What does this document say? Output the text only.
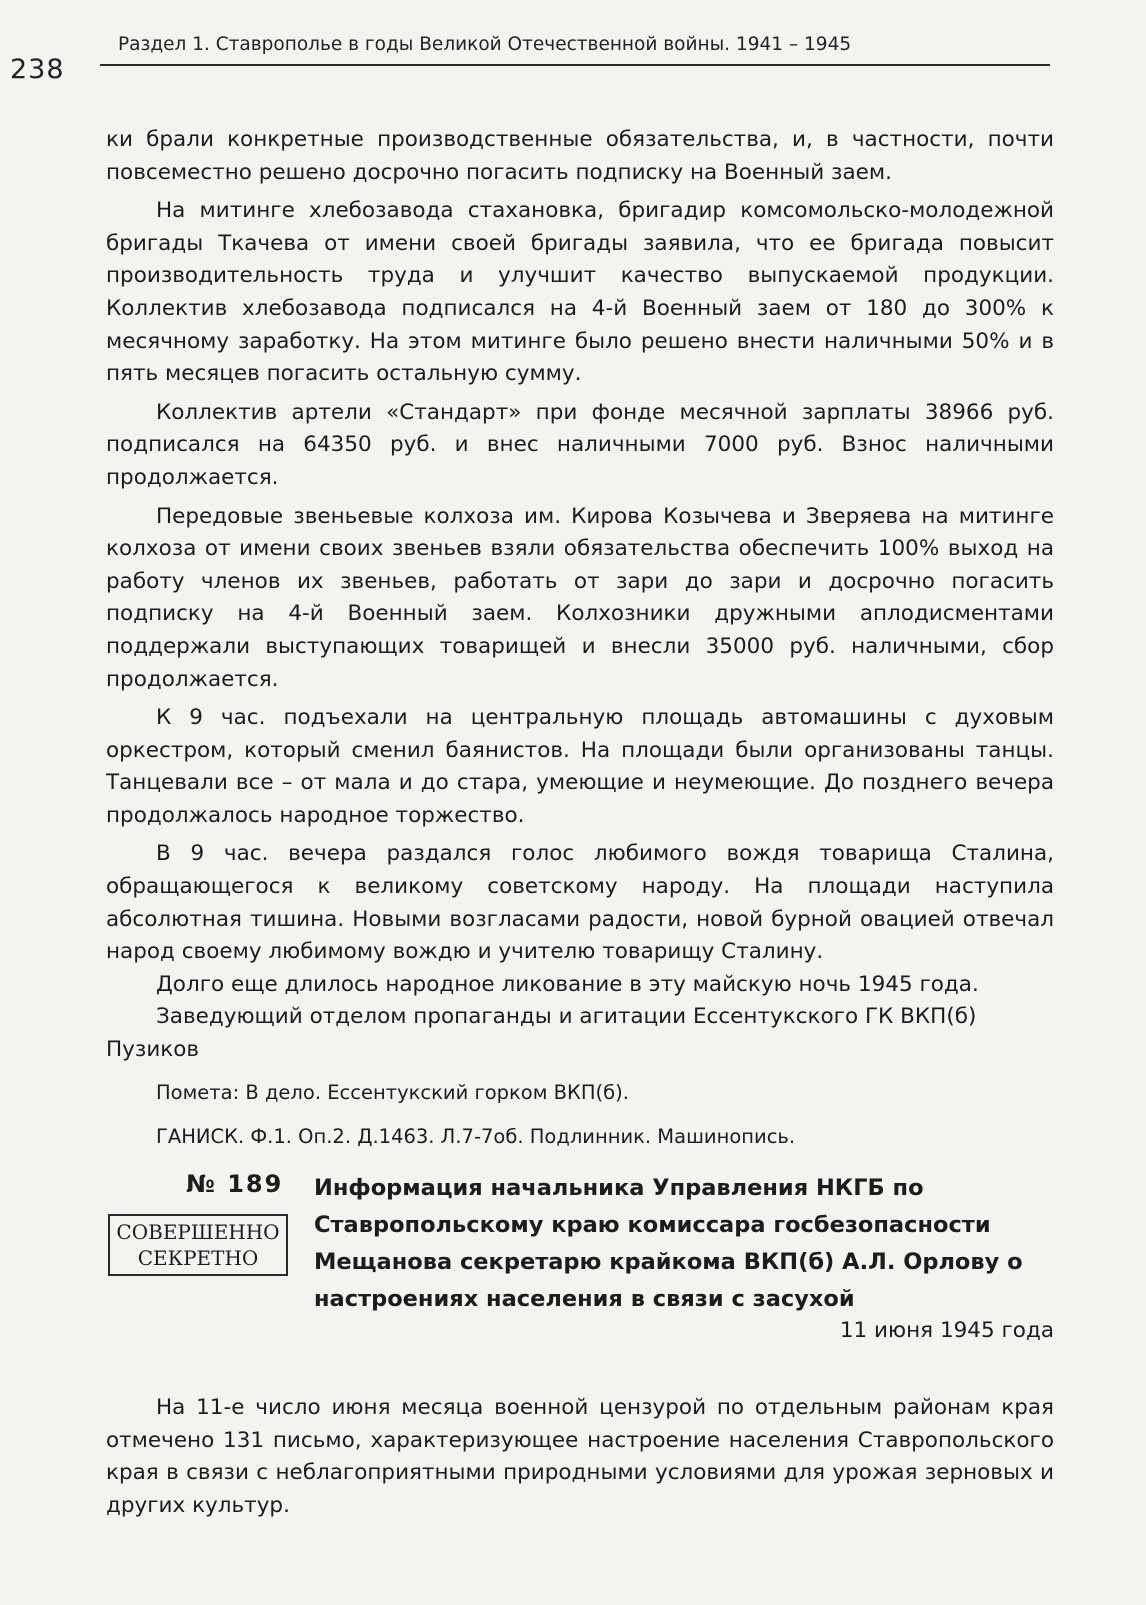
238
Раздел 1. Ставрополье в годы Великой Отечественной войны. 1941 – 1945

ки брали конкретные производственные обязательства, и, в частности, почти повсеместно решено досрочно погасить подписку на Военный заем.

На митинге хлебозавода стахановка, бригадир комсомольско-молодежной бригады Ткачева от имени своей бригады заявила, что ее бригада повысит производительность труда и улучшит качество выпускаемой продукции. Коллектив хлебозавода подписался на 4-й Военный заем от 180 до 300% к месячному заработку. На этом митинге было решено внести наличными 50% и в пять месяцев погасить остальную сумму.

Коллектив артели «Стандарт» при фонде месячной зарплаты 38966 руб. подписался на 64350 руб. и внес наличными 7000 руб. Взнос наличными продолжается.

Передовые звеньевые колхоза им. Кирова Козычева и Зверяева на митинге колхоза от имени своих звеньев взяли обязательства обеспечить 100% выход на работу членов их звеньев, работать от зари до зари и досрочно погасить подписку на 4-й Военный заем. Колхозники дружными аплодисментами поддержали выступающих товарищей и внесли 35000 руб. наличными, сбор продолжается.

К 9 час. подъехали на центральную площадь автомашины с духовым оркестром, который сменил баянистов. На площади были организованы танцы. Танцевали все – от мала и до стара, умеющие и неумеющие. До позднего вечера продолжалось народное торжество.

В 9 час. вечера раздался голос любимого вождя товарища Сталина, обращающегося к великому советскому народу. На площади наступила абсолютная тишина. Новыми возгласами радости, новой бурной овацией отвечал народ своему любимому вождю и учителю товарищу Сталину.

Долго еще длилось народное ликование в эту майскую ночь 1945 года.

Заведующий отделом пропаганды и агитации Ессентукского ГК ВКП(б)

Пузиков

Помета: В дело. Ессентукский горком ВКП(б).

ГАНИСК. Ф.1. Оп.2. Д.1463. Л.7-7об. Подлинник. Машинопись.

№ 189
СОВЕРШЕННО
СЕКРЕТНО

Информация начальника Управления НКГБ по Ставропольскому краю комиссара госбезопасности Мещанова секретарю крайкома ВКП(б) А.Л. Орлову о настроениях населения в связи с засухой

11 июня 1945 года

На 11-е число июня месяца военной цензурой по отдельным районам края отмечено 131 письмо, характеризующее настроение населения Ставропольского края в связи с неблагоприятными природными условиями для урожая зерновых и других культур.
